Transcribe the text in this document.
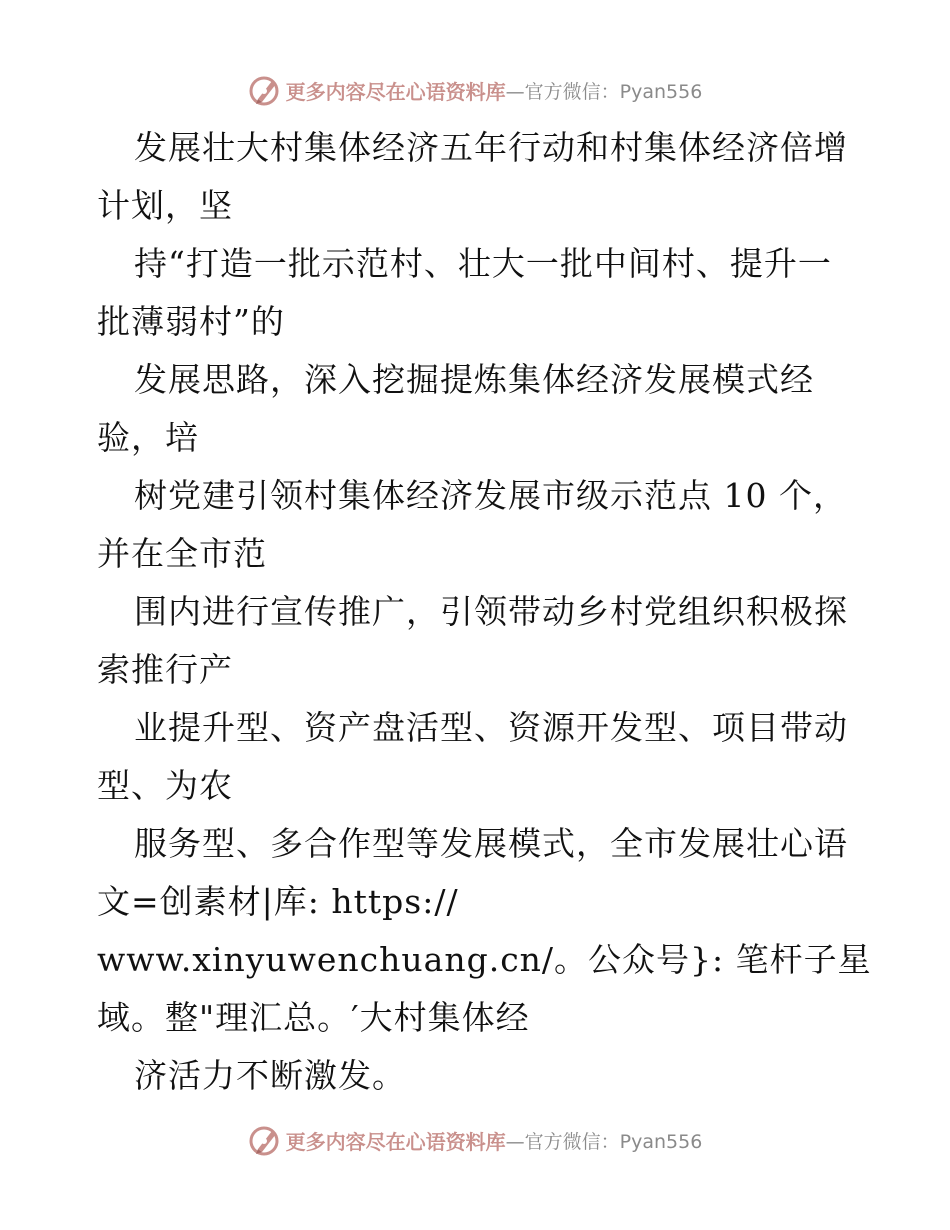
更多内容尽在心语资料库 —官方微信：Pyan556
发展壮大村集体经济五年行动和村集体经济倍增
计划，坚
持“打造一批示范村、壮大一批中间村、提升一
批薄弱村”的
发展思路，深入挖掘提炼集体经济发展模式经
验，培
树党建引领村集体经济发展市级示范点 10 个，
并在全市范
围内进行宣传推广，引领带动乡村党组织积极探
索推行产
业提升型、资产盘活型、资源开发型、项目带动
型、为农
服务型、多合作型等发展模式，全市发展壮心语
文=创素材|库: https://
www.xinyuwenchuang.cn/。公众号}: 笔杆子星
域。整"理汇总。′大村集体经
济活力不断激发。
更多内容尽在心语资料库 —官方微信：Pyan556
